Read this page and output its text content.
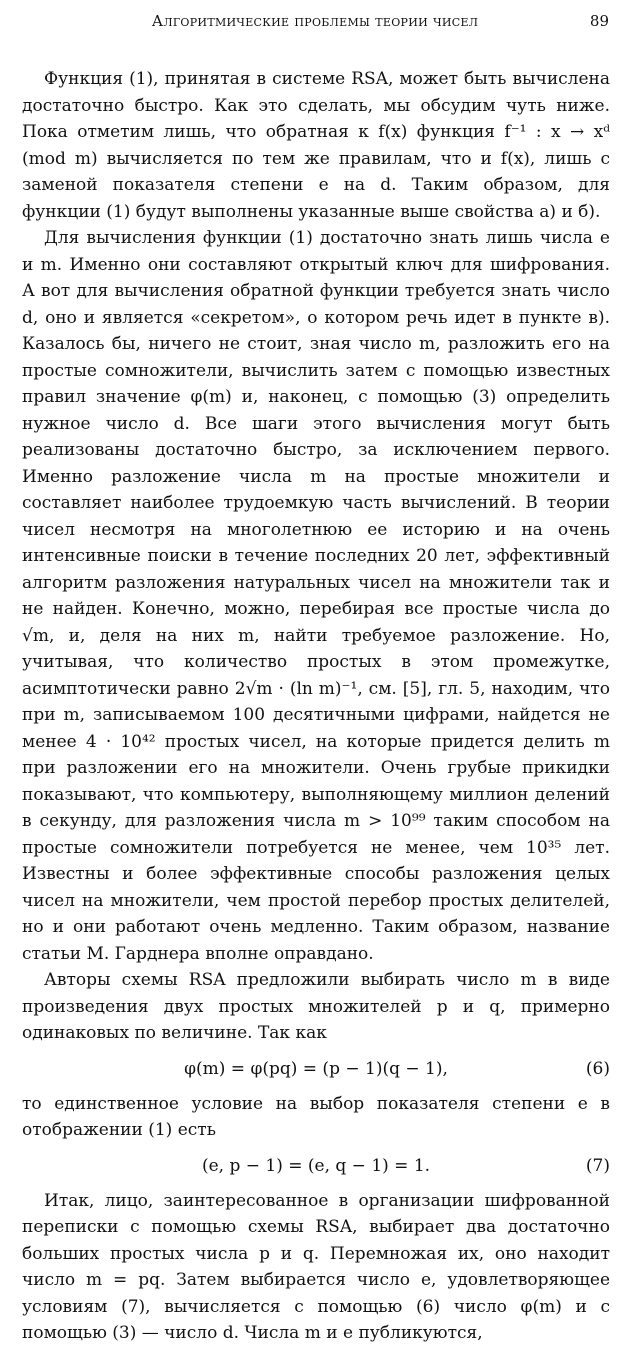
Алгоритмические проблемы теории чисел	89

Функция (1), принятая в системе RSA, может быть вычислена достаточно быстро. Как это сделать, мы обсудим чуть ниже. Пока отметим лишь, что обратная к f(x) функция f⁻¹ : x → xᵈ (mod m) вычисляется по тем же правилам, что и f(x), лишь с заменой показателя степени e на d. Таким образом, для функции (1) будут выполнены указанные выше свойства а) и б).

Для вычисления функции (1) достаточно знать лишь числа e и m. Именно они составляют открытый ключ для шифрования. А вот для вычисления обратной функции требуется знать число d, оно и является «секретом», о котором речь идет в пункте в). Казалось бы, ничего не стоит, зная число m, разложить его на простые сомножители, вычислить затем с помощью известных правил значение φ(m) и, наконец, с помощью (3) определить нужное число d. Все шаги этого вычисления могут быть реализованы достаточно быстро, за исключением первого. Именно разложение числа m на простые множители и составляет наиболее трудоемкую часть вычислений. В теории чисел несмотря на многолетнюю ее историю и на очень интенсивные поиски в течение последних 20 лет, эффективный алгоритм разложения натуральных чисел на множители так и не найден. Конечно, можно, перебирая все простые числа до √m, и, деля на них m, найти требуемое разложение. Но, учитывая, что количество простых в этом промежутке, асимптотически равно 2√m · (ln m)⁻¹, см. [5], гл. 5, находим, что при m, записываемом 100 десятичными цифрами, найдется не менее 4 · 10⁴² простых чисел, на которые придется делить m при разложении его на множители. Очень грубые прикидки показывают, что компьютеру, выполняющему миллион делений в секунду, для разложения числа m > 10⁹⁹ таким способом на простые сомножители потребуется не менее, чем 10³⁵ лет. Известны и более эффективные способы разложения целых чисел на множители, чем простой перебор простых делителей, но и они работают очень медленно. Таким образом, название статьи М. Гарднера вполне оправдано.

Авторы схемы RSA предложили выбирать число m в виде произведения двух простых множителей p и q, примерно одинаковых по величине. Так как

φ(m) = φ(pq) = (p − 1)(q − 1),	(6)

то единственное условие на выбор показателя степени e в отображении (1) есть

(e, p − 1) = (e, q − 1) = 1.	(7)

Итак, лицо, заинтересованное в организации шифрованной переписки с помощью схемы RSA, выбирает два достаточно больших простых числа p и q. Перемножая их, оно находит число m = pq. Затем выбирается число e, удовлетворяющее условиям (7), вычисляется с помощью (6) число φ(m) и с помощью (3) — число d. Числа m и e публикуются,
